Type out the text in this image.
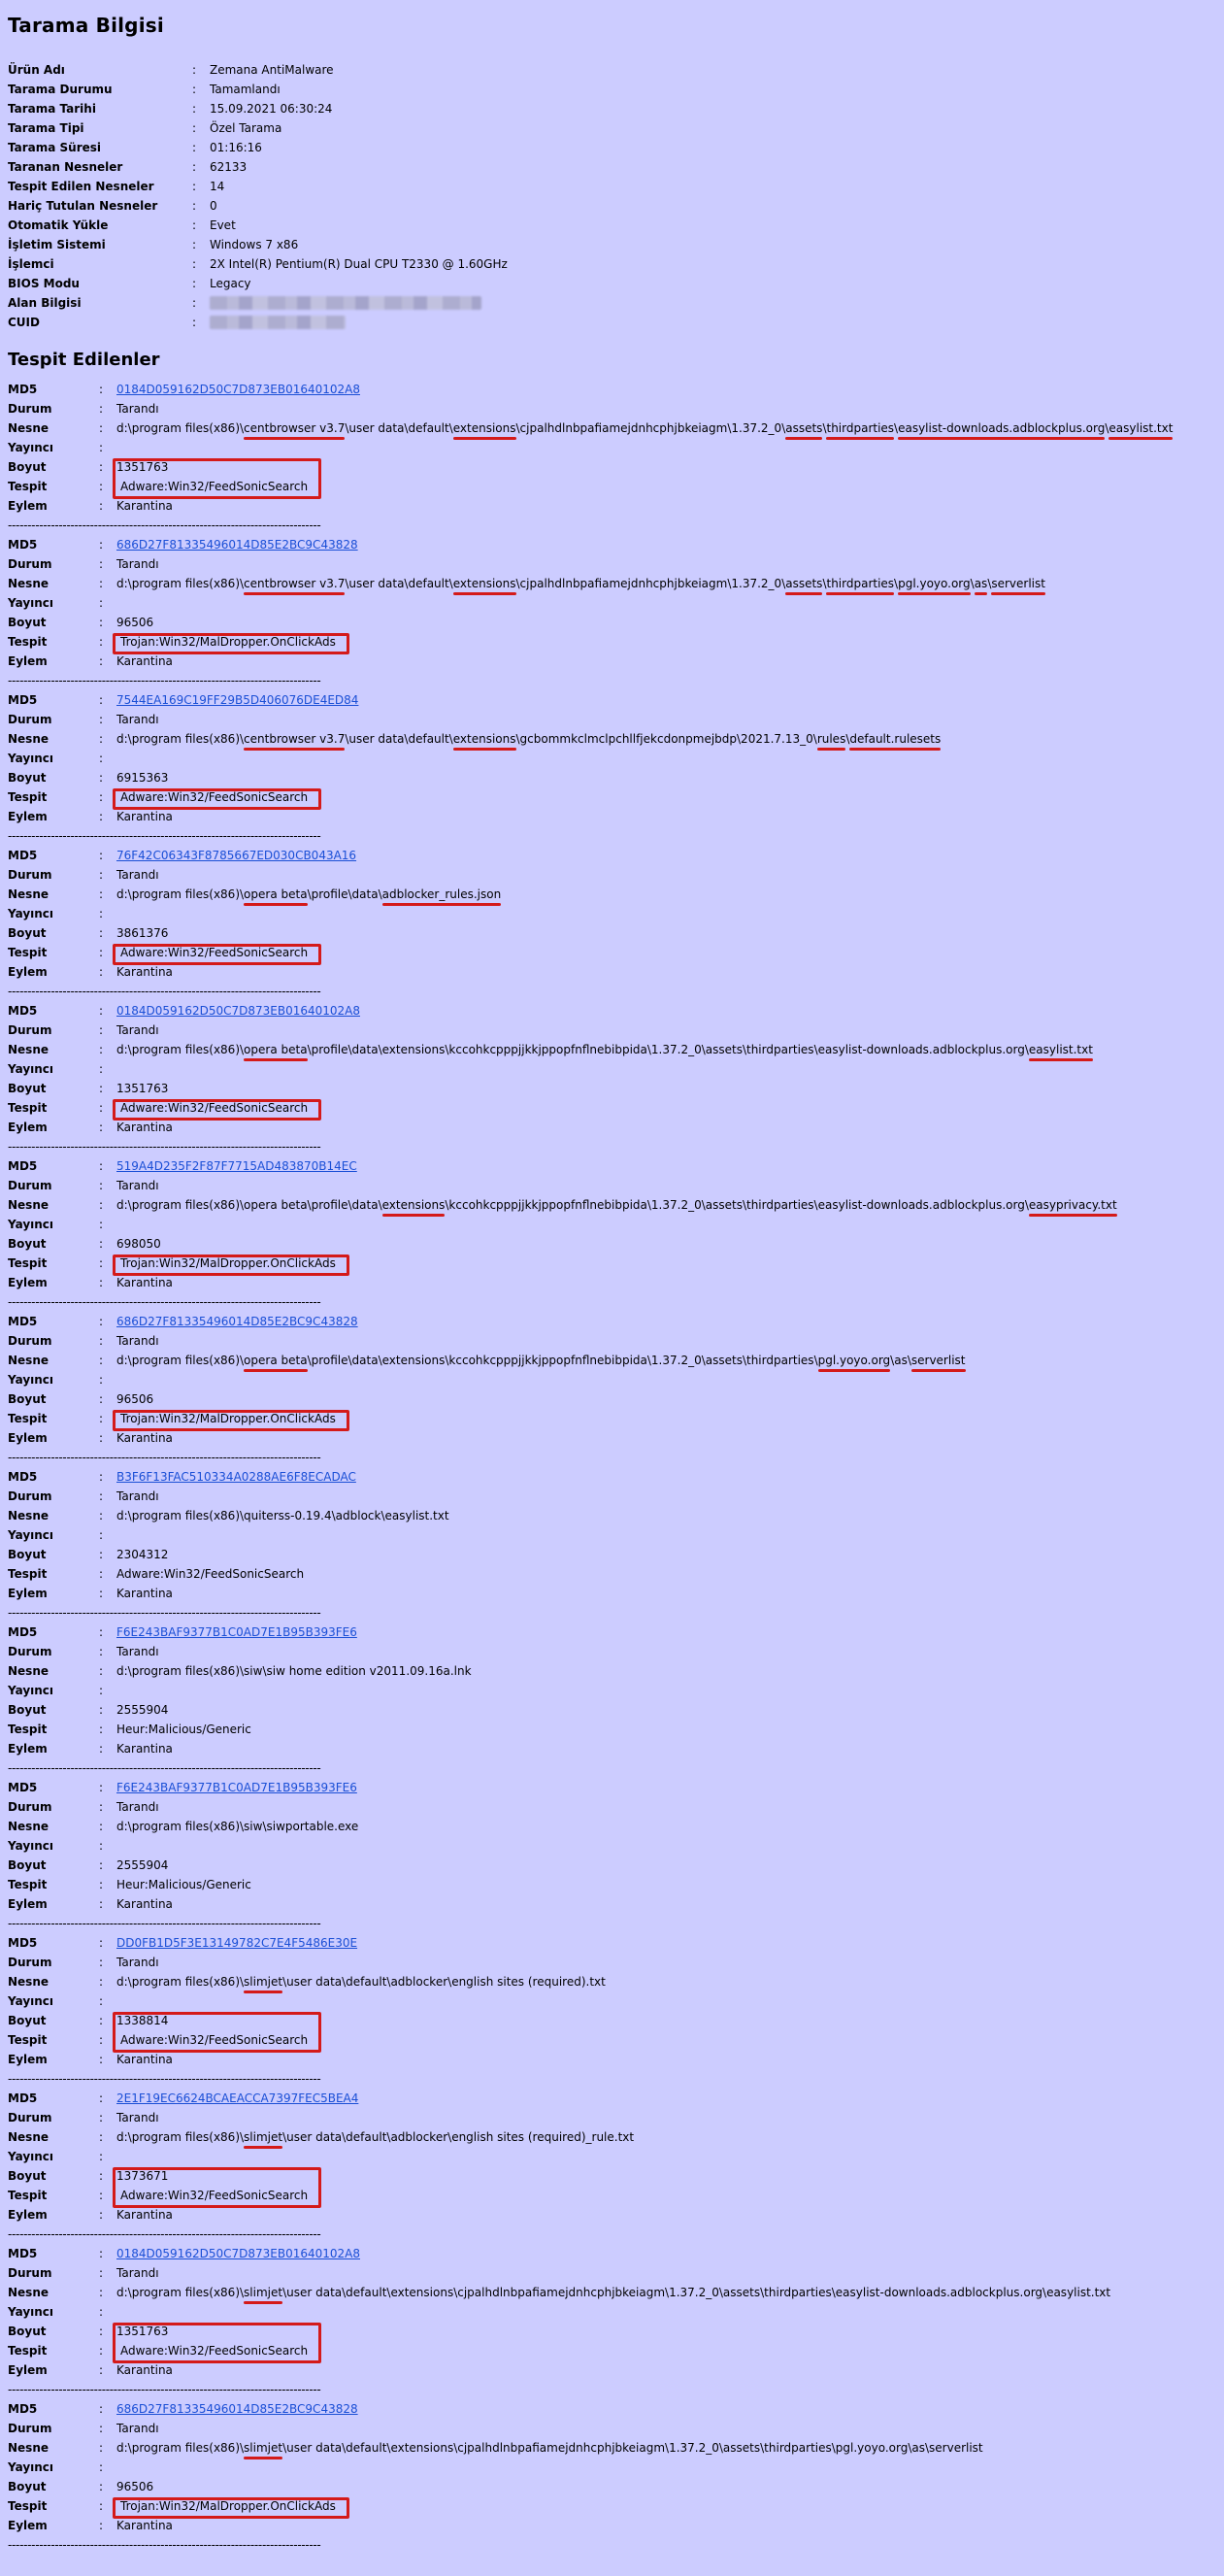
Tarama Bilgisi
Ürün Adı	:	Zemana AntiMalware
Tarama Durumu	:	Tamamlandı
Tarama Tarihi	:	15.09.2021 06:30:24
Tarama Tipi	:	Özel Tarama
Tarama Süresi	:	01:16:16
Taranan Nesneler	:	62133
Tespit Edilen Nesneler	:	14
Hariç Tutulan Nesneler	:	0
Otomatik Yükle	:	Evet
İşletim Sistemi	:	Windows 7 x86
İşlemci	:	2X Intel(R) Pentium(R) Dual CPU T2330 @ 1.60GHz
BIOS Modu	:	Legacy
Alan Bilgisi	:
CUID	:
Tespit Edilenler
MD5	:	0184D059162D50C7D873EB01640102A8
Durum	:	Tarandı
Nesne	:	d:\program files(x86)\centbrowser v3.7\user data\default\extensions\cjpalhdlnbpafiamejdnhcphjbkeiagm\1.37.2_0\assets\thirdparties\easylist-downloads.adblockplus.org\easylist.txt
Yayıncı	:
Boyut	:	1351763
Tespit	:	Adware:Win32/FeedSonicSearch
Eylem	:	Karantina
--------------------------------------------------------------------------------
MD5	:	686D27F81335496014D85E2BC9C43828
Durum	:	Tarandı
Nesne	:	d:\program files(x86)\centbrowser v3.7\user data\default\extensions\cjpalhdlnbpafiamejdnhcphjbkeiagm\1.37.2_0\assets\thirdparties\pgl.yoyo.org\as\serverlist
Yayıncı	:
Boyut	:	96506
Tespit	:	Trojan:Win32/MalDropper.OnClickAds
Eylem	:	Karantina
--------------------------------------------------------------------------------
MD5	:	7544EA169C19FF29B5D406076DE4ED84
Durum	:	Tarandı
Nesne	:	d:\program files(x86)\centbrowser v3.7\user data\default\extensions\gcbommkclmclpchllfjekcdonpmejbdp\2021.7.13_0\rules\default.rulesets
Yayıncı	:
Boyut	:	6915363
Tespit	:	Adware:Win32/FeedSonicSearch
Eylem	:	Karantina
--------------------------------------------------------------------------------
MD5	:	76F42C06343F8785667ED030CB043A16
Durum	:	Tarandı
Nesne	:	d:\program files(x86)\opera beta\profile\data\adblocker_rules.json
Yayıncı	:
Boyut	:	3861376
Tespit	:	Adware:Win32/FeedSonicSearch
Eylem	:	Karantina
--------------------------------------------------------------------------------
MD5	:	0184D059162D50C7D873EB01640102A8
Durum	:	Tarandı
Nesne	:	d:\program files(x86)\opera beta\profile\data\extensions\kccohkcpppjjkkjppopfnflnebibpida\1.37.2_0\assets\thirdparties\easylist-downloads.adblockplus.org\easylist.txt
Yayıncı	:
Boyut	:	1351763
Tespit	:	Adware:Win32/FeedSonicSearch
Eylem	:	Karantina
--------------------------------------------------------------------------------
MD5	:	519A4D235F2F87F7715AD483870B14EC
Durum	:	Tarandı
Nesne	:	d:\program files(x86)\opera beta\profile\data\extensions\kccohkcpppjjkkjppopfnflnebibpida\1.37.2_0\assets\thirdparties\easylist-downloads.adblockplus.org\easyprivacy.txt
Yayıncı	:
Boyut	:	698050
Tespit	:	Trojan:Win32/MalDropper.OnClickAds
Eylem	:	Karantina
--------------------------------------------------------------------------------
MD5	:	686D27F81335496014D85E2BC9C43828
Durum	:	Tarandı
Nesne	:	d:\program files(x86)\opera beta\profile\data\extensions\kccohkcpppjjkkjppopfnflnebibpida\1.37.2_0\assets\thirdparties\pgl.yoyo.org\as\serverlist
Yayıncı	:
Boyut	:	96506
Tespit	:	Trojan:Win32/MalDropper.OnClickAds
Eylem	:	Karantina
--------------------------------------------------------------------------------
MD5	:	B3F6F13FAC510334A0288AE6F8ECADAC
Durum	:	Tarandı
Nesne	:	d:\program files(x86)\quiterss-0.19.4\adblock\easylist.txt
Yayıncı	:
Boyut	:	2304312
Tespit	:	Adware:Win32/FeedSonicSearch
Eylem	:	Karantina
--------------------------------------------------------------------------------
MD5	:	F6E243BAF9377B1C0AD7E1B95B393FE6
Durum	:	Tarandı
Nesne	:	d:\program files(x86)\siw\siw home edition v2011.09.16a.lnk
Yayıncı	:
Boyut	:	2555904
Tespit	:	Heur:Malicious/Generic
Eylem	:	Karantina
--------------------------------------------------------------------------------
MD5	:	F6E243BAF9377B1C0AD7E1B95B393FE6
Durum	:	Tarandı
Nesne	:	d:\program files(x86)\siw\siwportable.exe
Yayıncı	:
Boyut	:	2555904
Tespit	:	Heur:Malicious/Generic
Eylem	:	Karantina
--------------------------------------------------------------------------------
MD5	:	DD0FB1D5F3E13149782C7E4F5486E30E
Durum	:	Tarandı
Nesne	:	d:\program files(x86)\slimjet\user data\default\adblocker\english sites (required).txt
Yayıncı	:
Boyut	:	1338814
Tespit	:	Adware:Win32/FeedSonicSearch
Eylem	:	Karantina
--------------------------------------------------------------------------------
MD5	:	2E1F19EC6624BCAEACCA7397FEC5BEA4
Durum	:	Tarandı
Nesne	:	d:\program files(x86)\slimjet\user data\default\adblocker\english sites (required)_rule.txt
Yayıncı	:
Boyut	:	1373671
Tespit	:	Adware:Win32/FeedSonicSearch
Eylem	:	Karantina
--------------------------------------------------------------------------------
MD5	:	0184D059162D50C7D873EB01640102A8
Durum	:	Tarandı
Nesne	:	d:\program files(x86)\slimjet\user data\default\extensions\cjpalhdlnbpafiamejdnhcphjbkeiagm\1.37.2_0\assets\thirdparties\easylist-downloads.adblockplus.org\easylist.txt
Yayıncı	:
Boyut	:	1351763
Tespit	:	Adware:Win32/FeedSonicSearch
Eylem	:	Karantina
--------------------------------------------------------------------------------
MD5	:	686D27F81335496014D85E2BC9C43828
Durum	:	Tarandı
Nesne	:	d:\program files(x86)\slimjet\user data\default\extensions\cjpalhdlnbpafiamejdnhcphjbkeiagm\1.37.2_0\assets\thirdparties\pgl.yoyo.org\as\serverlist
Yayıncı	:
Boyut	:	96506
Tespit	:	Trojan:Win32/MalDropper.OnClickAds
Eylem	:	Karantina
--------------------------------------------------------------------------------
